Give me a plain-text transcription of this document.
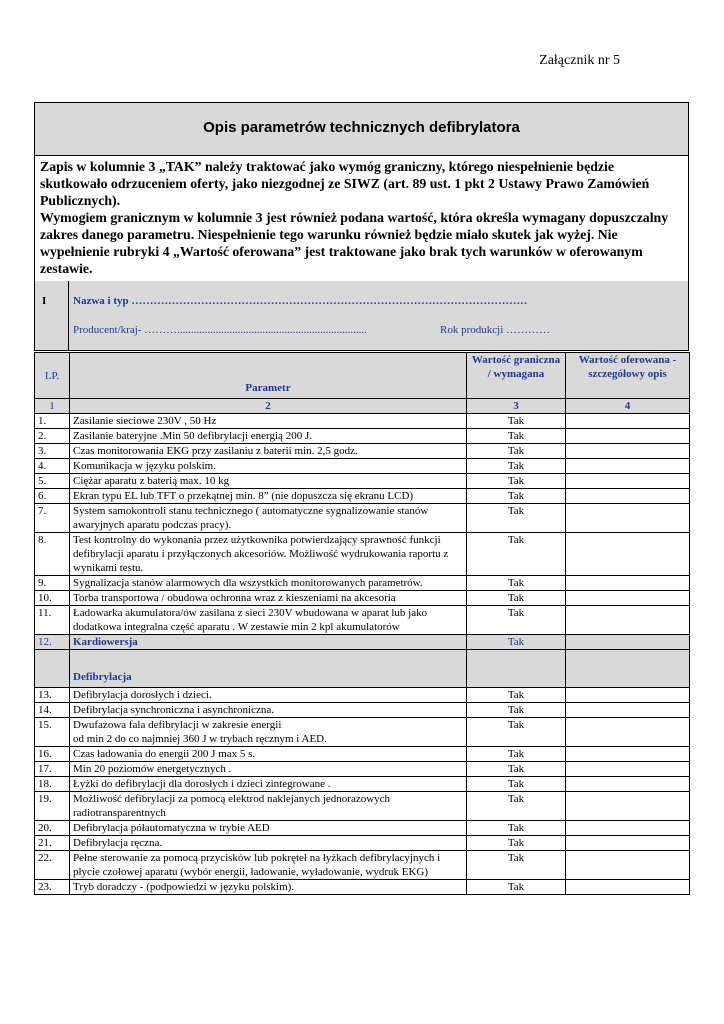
Załącznik nr 5
Opis parametrów technicznych defibrylatora

Zapis w kolumnie 3 „TAK” należy traktować jako wymóg graniczny, którego niespełnienie będzie skutkowało odrzuceniem oferty, jako niezgodnej ze SIWZ (art. 89 ust. 1 pkt 2 Ustawy Prawo Zamówień Publicznych).

Wymogiem granicznym w kolumnie 3 jest również podana wartość, która określa wymagany dopuszczalny zakres danego parametru. Niespełnienie tego warunku również będzie miało skutek jak wyżej. Nie wypełnienie rubryki 4 „Wartość oferowana” jest traktowane jako brak tych warunków w oferowanym zestawie.

I Nazwa i typ ………………………………………………………………………………………………
Producent/kraj- ……….....................................................................	Rok produkcji …………
LP.	Parametr	Wartość graniczna / wymagana	Wartość oferowana -szczegółowy opis
1	2	3	4
1.	Zasilanie sieciowe 230V , 50 Hz	Tak	
2.	Zasilanie bateryjne .Min 50 defibrylacji energią 200 J.	Tak	
3.	Czas monitorowania EKG przy zasilaniu z baterii min. 2,5 godz.	Tak	
4.	Komunikacja w języku polskim.	Tak	
5.	Ciężar aparatu z baterią max. 10 kg	Tak	
6.	Ekran typu EL lub TFT o przekątnej min. 8” (nie dopuszcza się ekranu LCD)	Tak	
7.	System samokontroli stanu technicznego ( automatyczne sygnalizowanie stanów awaryjnych aparatu podczas pracy).	Tak	
8.	Test kontrolny do wykonania przez użytkownika potwierdzający sprawność funkcji defibrylacji aparatu i przyłączonych akcesoriów. Możliwość wydrukowania raportu z wynikami testu.	Tak	
9.	Sygnalizacja stanów alarmowych dla wszystkich monitorowanych parametrów.	Tak	
10.	Torba transportowa / obudowa ochronna wraz z kieszeniami na akcesoria	Tak	
11.	Ładowarka akumulatora/ów zasilana z sieci 230V wbudowana w aparat lub jako dodatkowa integralna część aparatu . W zestawie min 2 kpl akumulatorów	Tak	
12.	Kardiowersja	Tak	
	Defibrylacja		
13.	Defibrylacja dorosłych i dzieci.	Tak	
14.	Defibrylacja synchroniczna i asynchroniczna.	Tak	
15.	Dwufazowa fala defibrylacji w zakresie energii
od min 2 do co najmniej 360 J w trybach ręcznym i AED.	Tak	
16.	Czas ładowania do energii 200 J max 5 s.	Tak	
17.	Min 20 poziomów energetycznych .	Tak	
18.	Łyżki do defibrylacji dla dorosłych i dzieci zintegrowane .	Tak	
19.	Możliwość defibrylacji za pomocą elektrod naklejanych jednorazowych radiotransparentnych	Tak	
20.	Defibrylacja półautomatyczna w trybie AED	Tak	
21.	Defibrylacja ręczna.	Tak	
22.	Pełne sterowanie za pomocą przycisków lub pokręteł na łyżkach defibrylacyjnych i płycie czołowej aparatu (wybór energii, ładowanie, wyładowanie, wydruk EKG)	Tak	
23.	Tryb doradczy - (podpowiedzi w języku polskim).	Tak	
